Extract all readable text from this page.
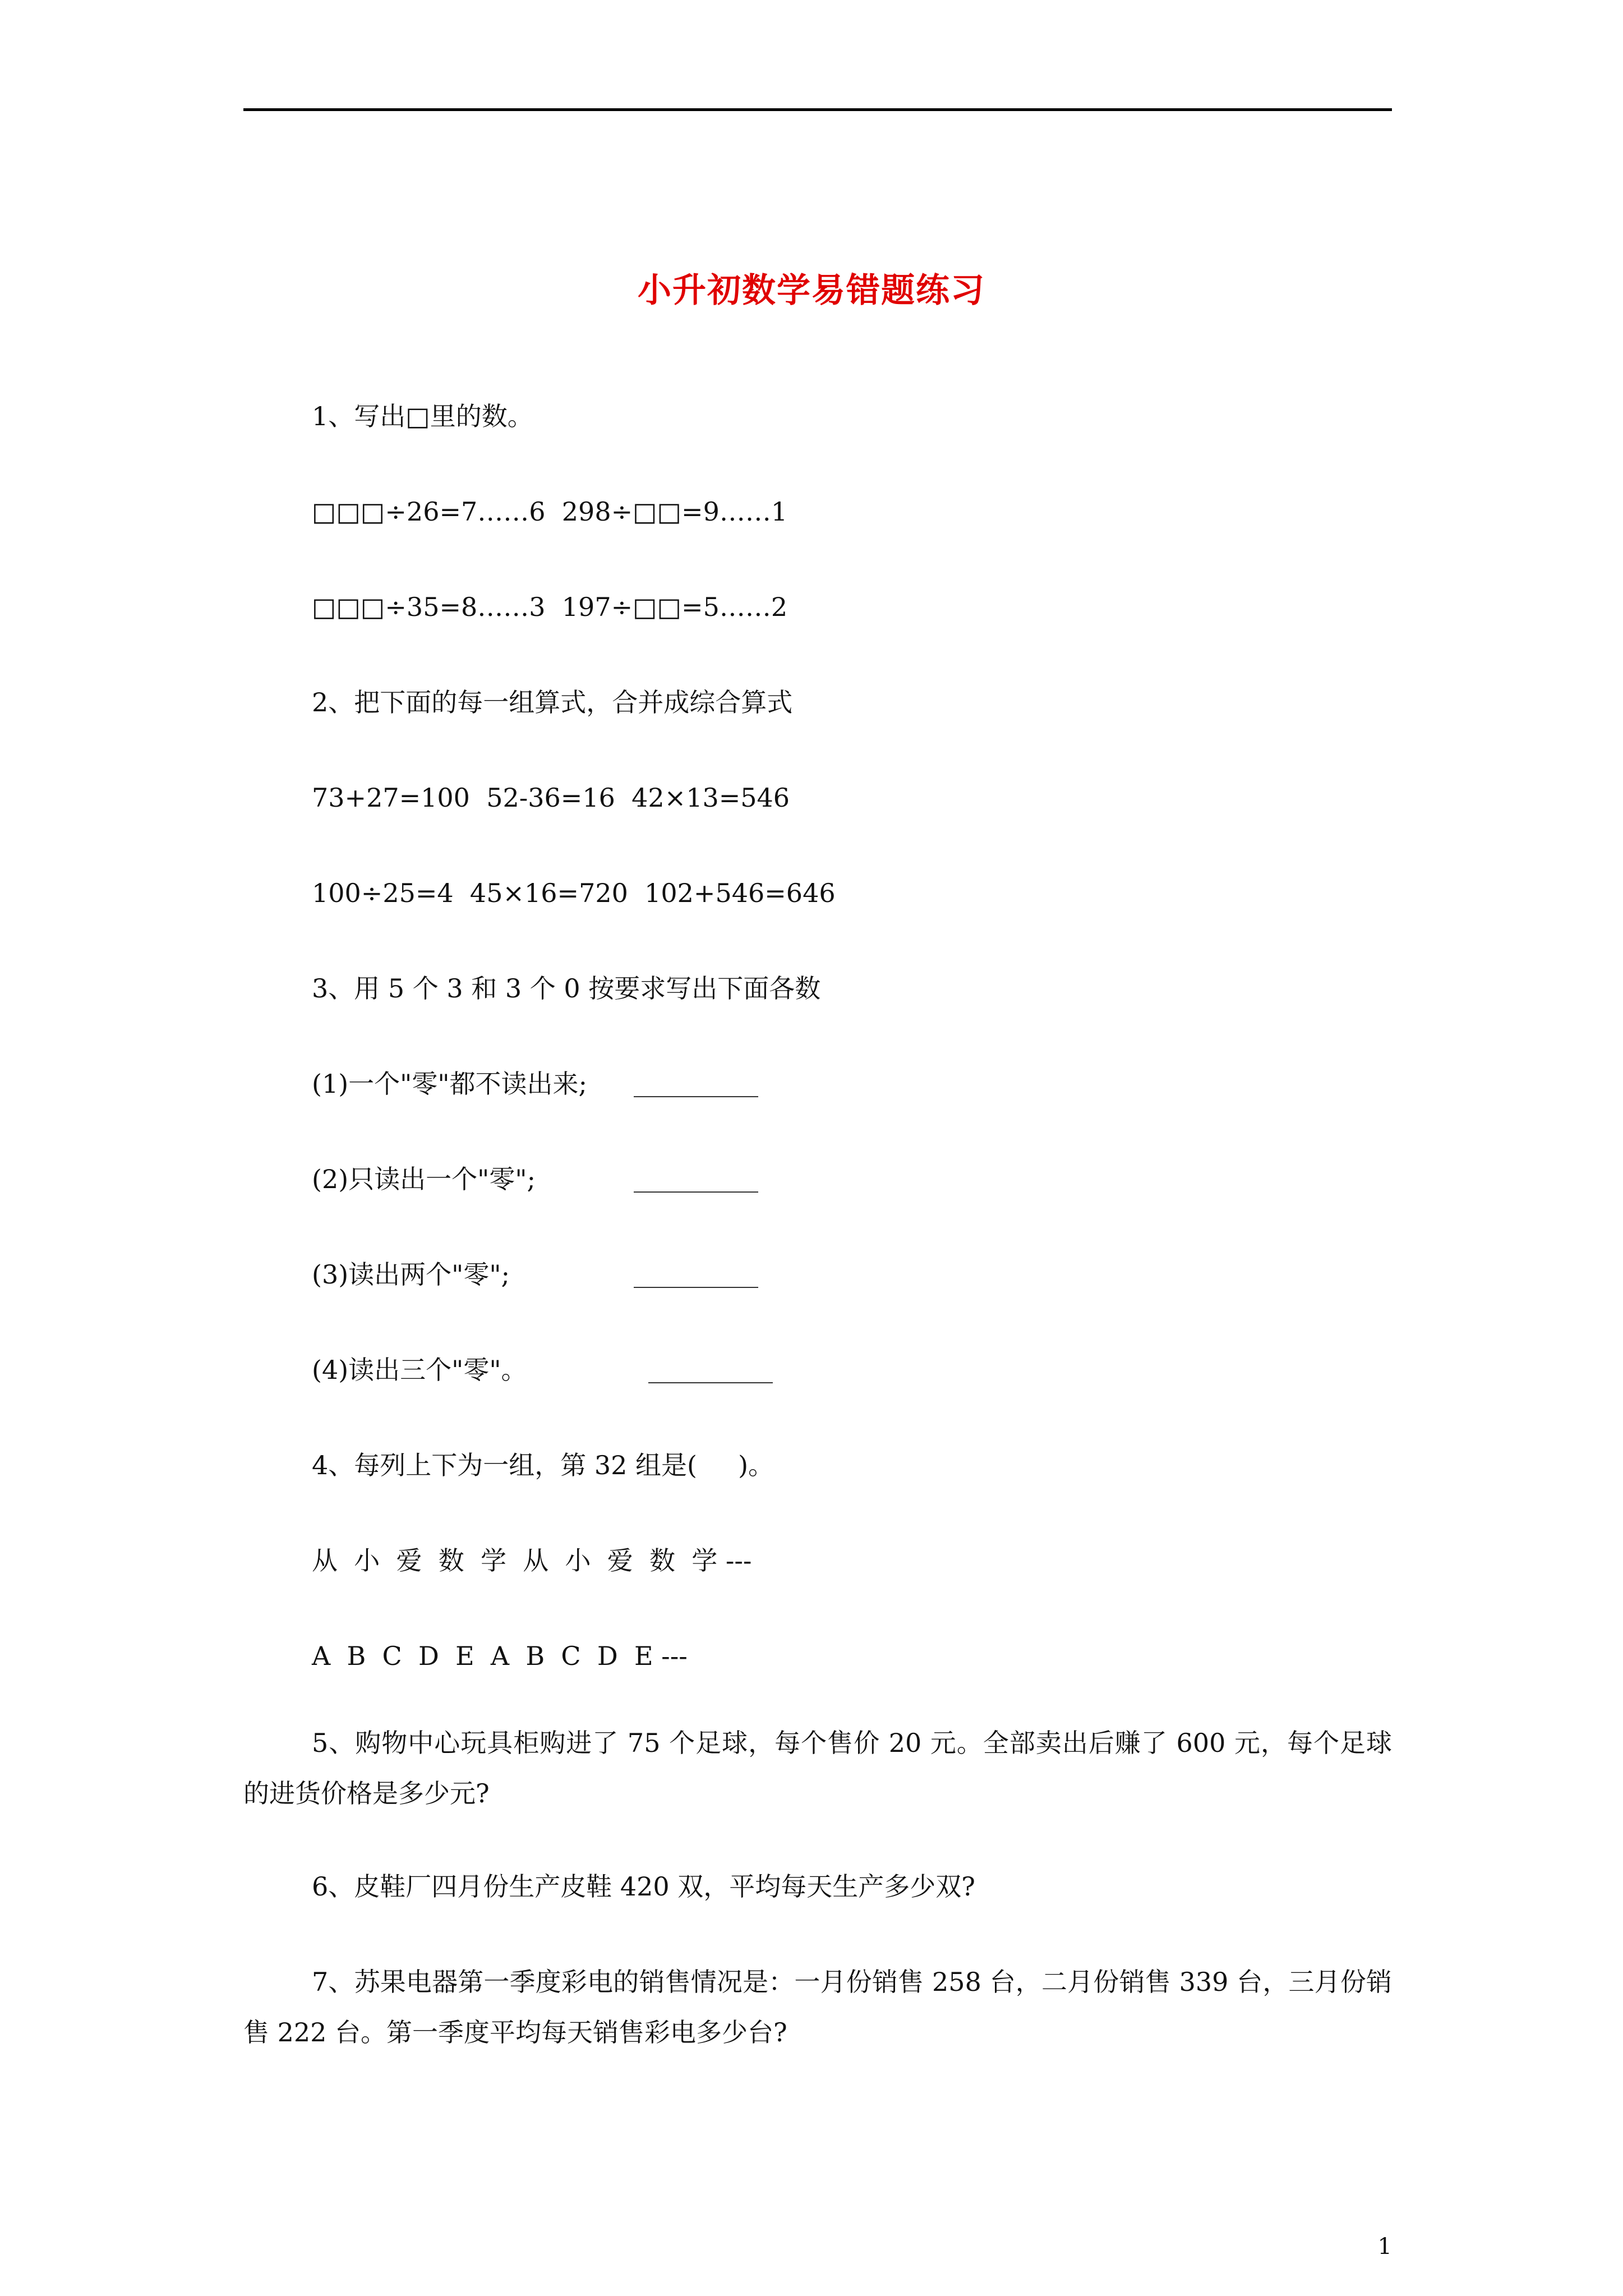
小升初数学易错题练习
1、写出□里的数。
□□□÷26=7……6  298÷□□=9……1
□□□÷35=8……3  197÷□□=5……2
2、把下面的每一组算式，合并成综合算式
73+27=100  52-36=16  42×13=546
100÷25=4  45×16=720  102+546=646
3、用 5 个 3 和 3 个 0 按要求写出下面各数
(1)一个"零"都不读出来;
(2)只读出一个"零";
(3)读出两个"零";
(4)读出三个"零"。
4、每列上下为一组，第 32 组是(     )。
从  小  爱  数  学  从  小  爱  数  学 ---
A  B  C  D  E  A  B  C  D  E ---
5、购物中心玩具柜购进了 75 个足球，每个售价 20 元。全部卖出后赚了 600 元，每个足球的进货价格是多少元?
6、皮鞋厂四月份生产皮鞋 420 双，平均每天生产多少双?
7、苏果电器第一季度彩电的销售情况是：一月份销售 258 台，二月份销售 339 台，三月份销售 222 台。第一季度平均每天销售彩电多少台?
1
